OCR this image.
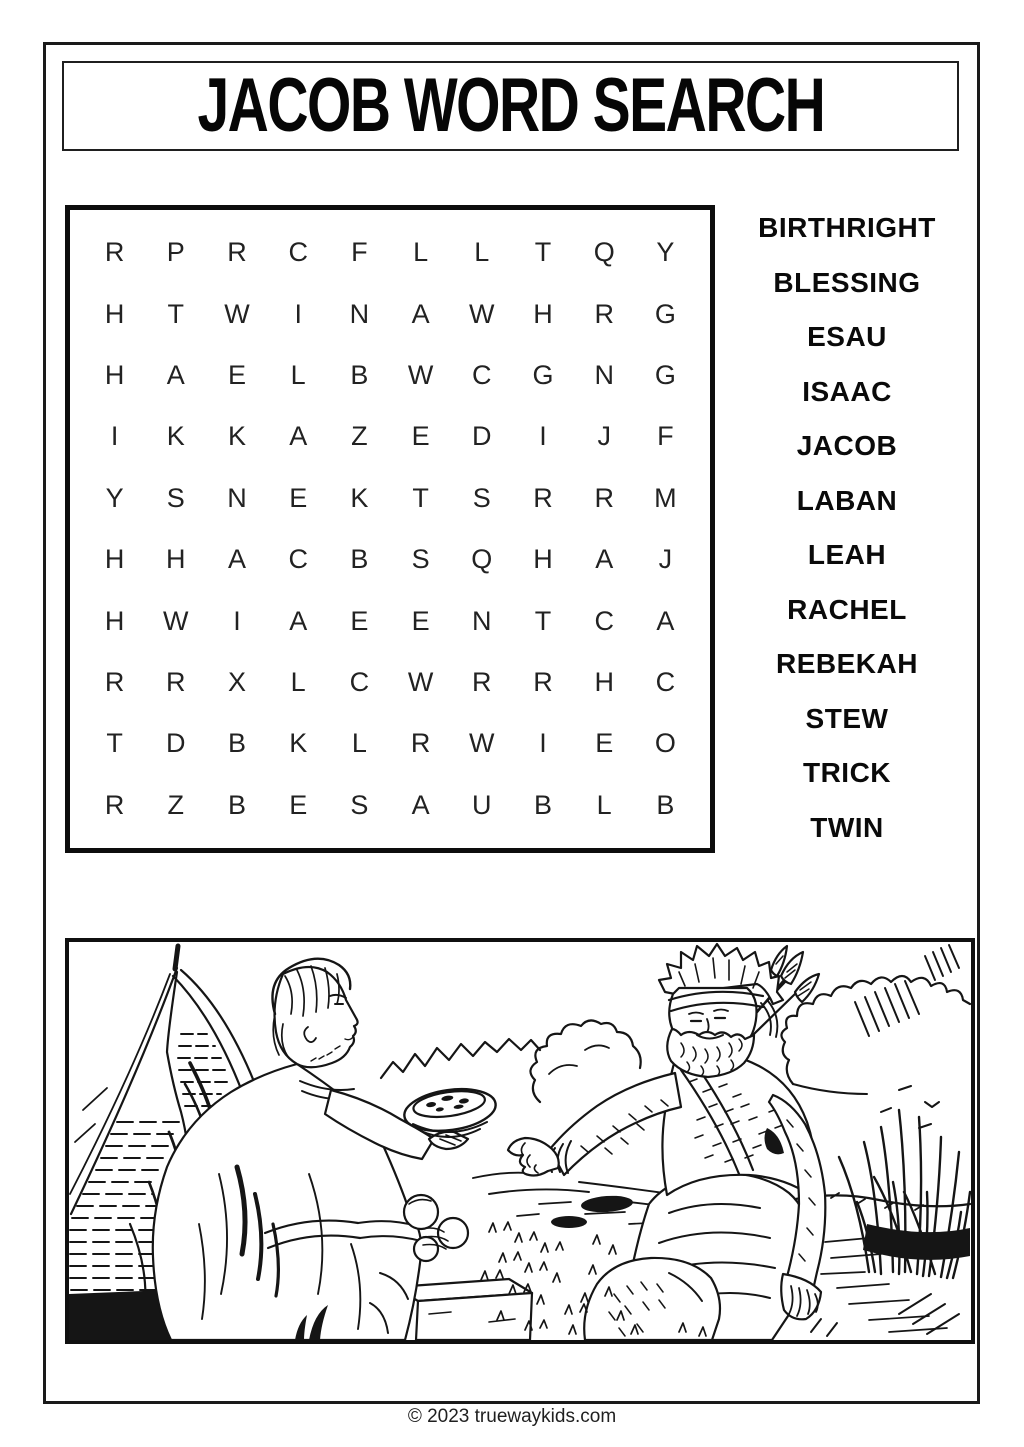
JACOB WORD SEARCH
R	P	R	C	F	L	L	T	Q	Y
H	T	W	I	N	A	W	H	R	G
H	A	E	L	B	W	C	G	N	G
I	K	K	A	Z	E	D	I	J	F
Y	S	N	E	K	T	S	R	R	M
H	H	A	C	B	S	Q	H	A	J
H	W	I	A	E	E	N	T	C	A
R	R	X	L	C	W	R	R	H	C
T	D	B	K	L	R	W	I	E	O
R	Z	B	E	S	A	U	B	L	B
BIRTHRIGHT
BLESSING
ESAU
ISAAC
JACOB
LABAN
LEAH
RACHEL
REBEKAH
STEW
TRICK
TWIN
© 2023 truewaykids.com
